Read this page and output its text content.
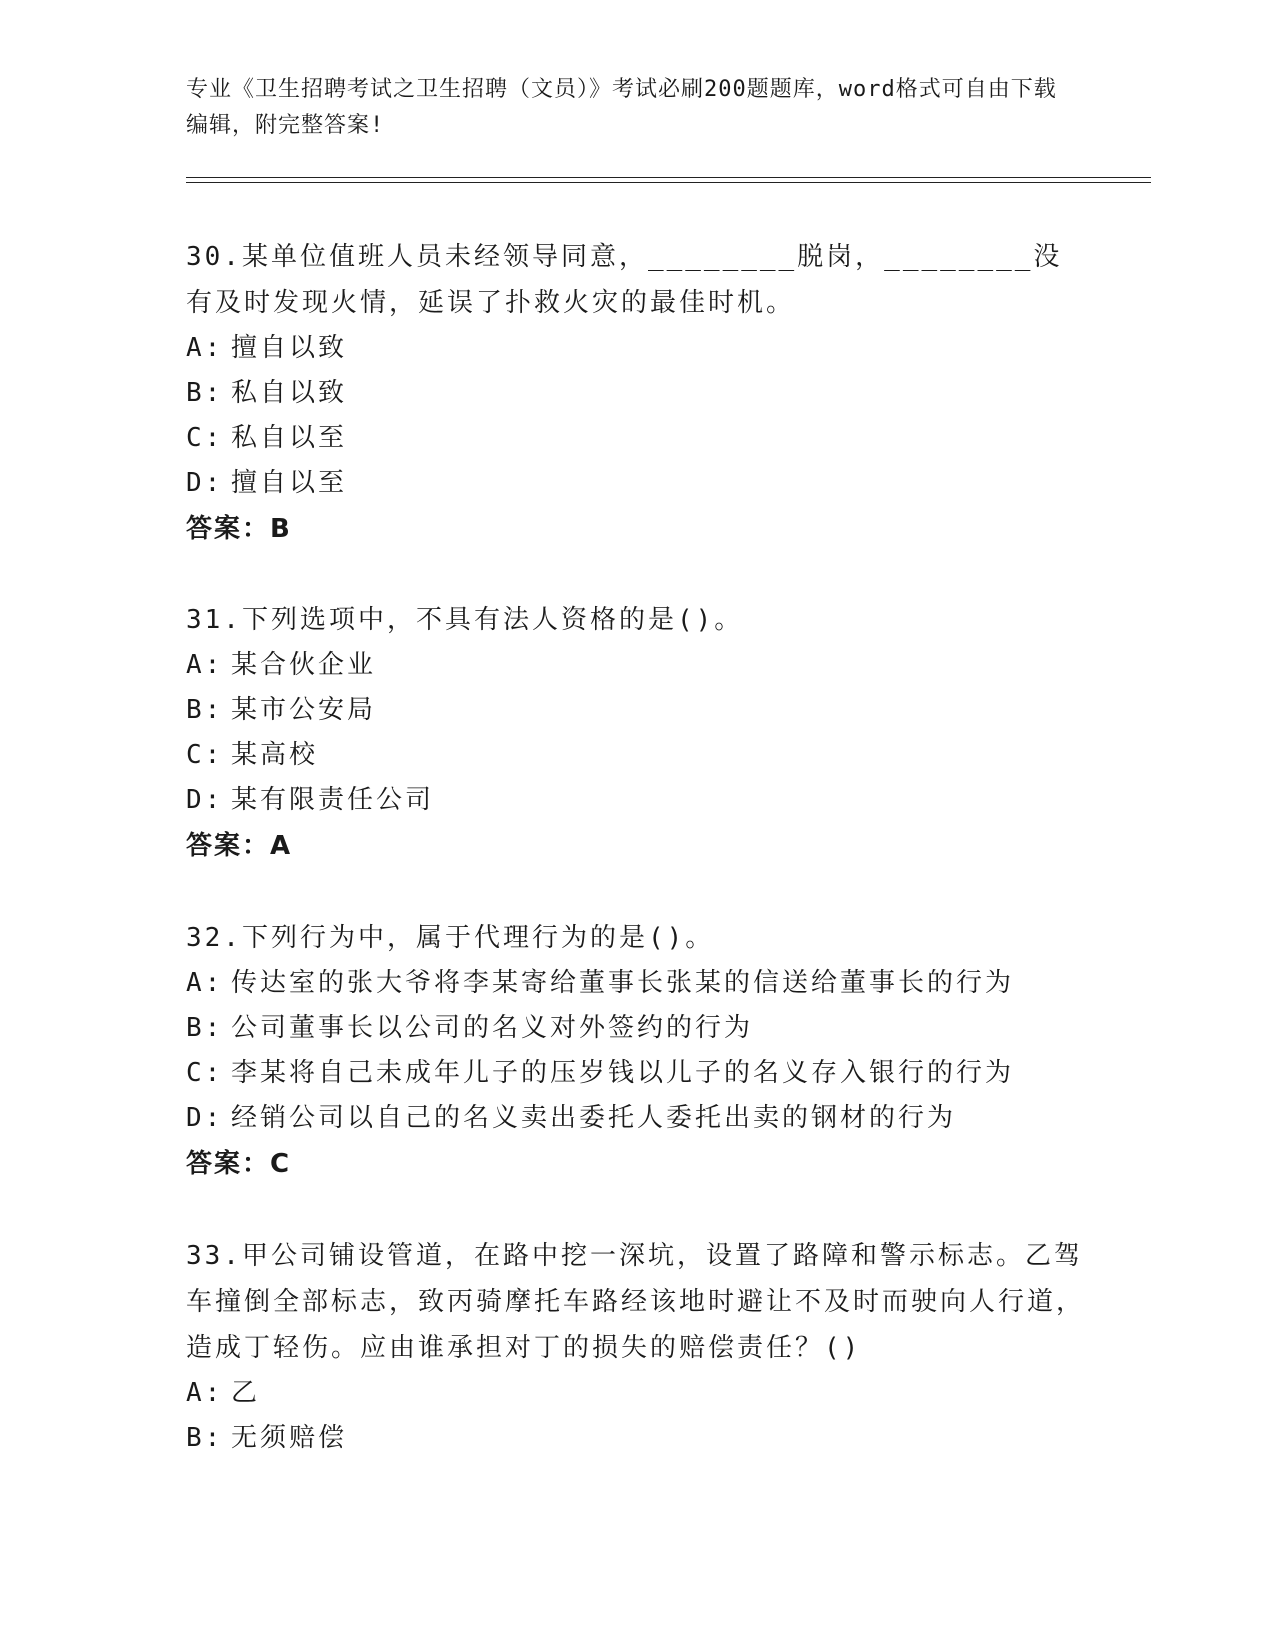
专业《卫生招聘考试之卫生招聘（文员）》考试必刷200题题库，word格式可自由下载编辑，附完整答案!

30.某单位值班人员未经领导同意，________脱岗，________没有及时发现火情，延误了扑救火灾的最佳时机。

A: 擅自以致

B: 私自以致

C: 私自以至

D: 擅自以至

答案：B

31.下列选项中，不具有法人资格的是()。

A: 某合伙企业

B: 某市公安局

C: 某高校

D: 某有限责任公司

答案：A

32.下列行为中，属于代理行为的是()。

A: 传达室的张大爷将李某寄给董事长张某的信送给董事长的行为

B: 公司董事长以公司的名义对外签约的行为

C: 李某将自己未成年儿子的压岁钱以儿子的名义存入银行的行为

D: 经销公司以自己的名义卖出委托人委托出卖的钢材的行为

答案：C

33.甲公司铺设管道，在路中挖一深坑，设置了路障和警示标志。乙驾车撞倒全部标志，致丙骑摩托车路经该地时避让不及时而驶向人行道，造成丁轻伤。应由谁承担对丁的损失的赔偿责任？()

A: 乙

B: 无须赔偿
